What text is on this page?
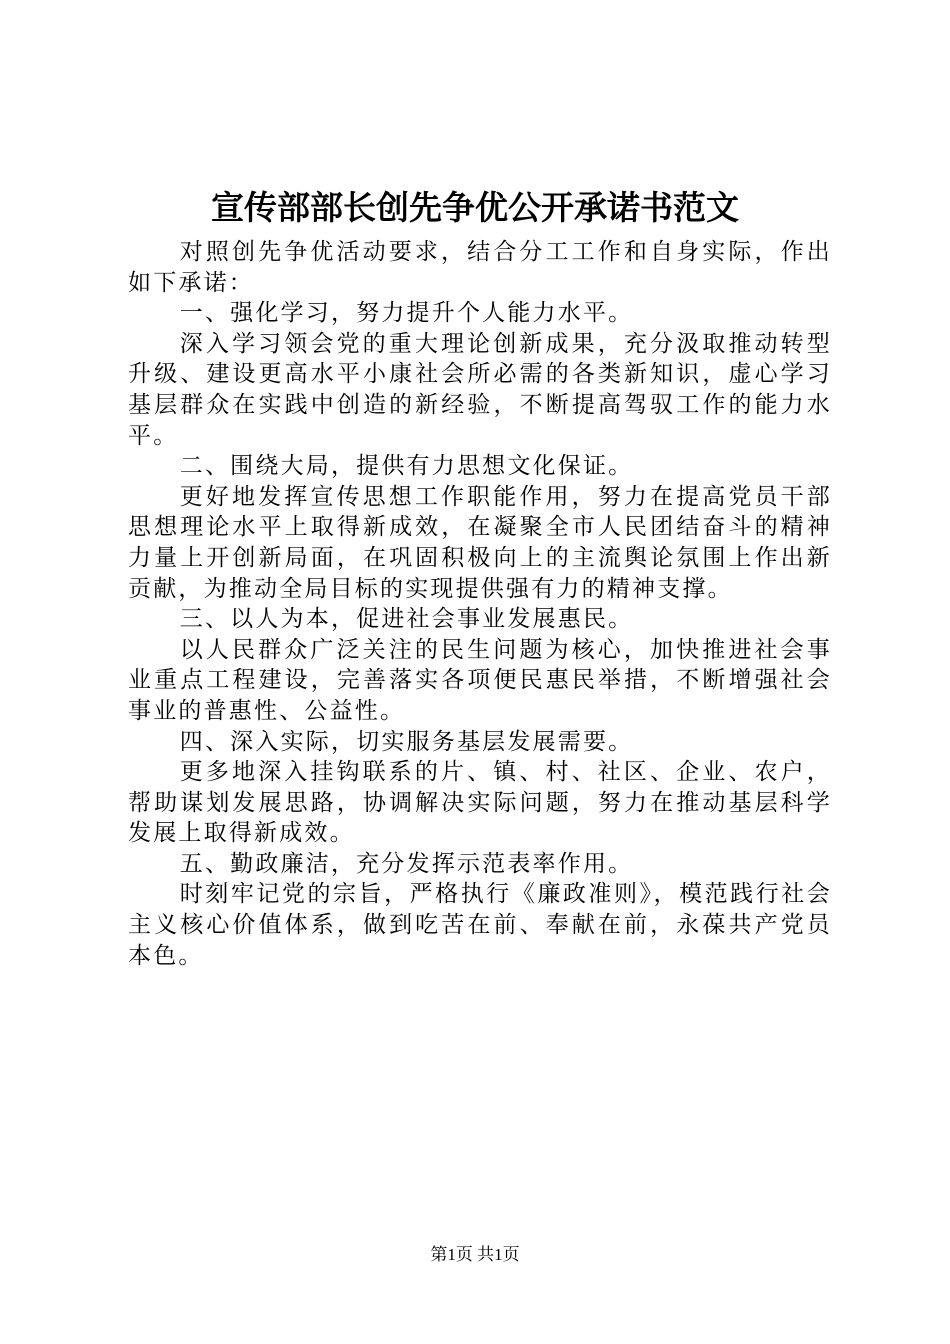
宣传部部长创先争优公开承诺书范文

对照创先争优活动要求，结合分工工作和自身实际，作出如下承诺：

一、强化学习，努力提升个人能力水平。

深入学习领会党的重大理论创新成果，充分汲取推动转型升级、建设更高水平小康社会所必需的各类新知识，虚心学习基层群众在实践中创造的新经验，不断提高驾驭工作的能力水平。

二、围绕大局，提供有力思想文化保证。

更好地发挥宣传思想工作职能作用，努力在提高党员干部思想理论水平上取得新成效，在凝聚全市人民团结奋斗的精神力量上开创新局面，在巩固积极向上的主流舆论氛围上作出新贡献，为推动全局目标的实现提供强有力的精神支撑。

三、以人为本，促进社会事业发展惠民。

以人民群众广泛关注的民生问题为核心，加快推进社会事业重点工程建设，完善落实各项便民惠民举措，不断增强社会事业的普惠性、公益性。

四、深入实际，切实服务基层发展需要。

更多地深入挂钩联系的片、镇、村、社区、企业、农户，帮助谋划发展思路，协调解决实际问题，努力在推动基层科学发展上取得新成效。

五、勤政廉洁，充分发挥示范表率作用。

时刻牢记党的宗旨，严格执行《廉政准则》，模范践行社会主义核心价值体系，做到吃苦在前、奉献在前，永葆共产党员本色。

第1页 共1页
